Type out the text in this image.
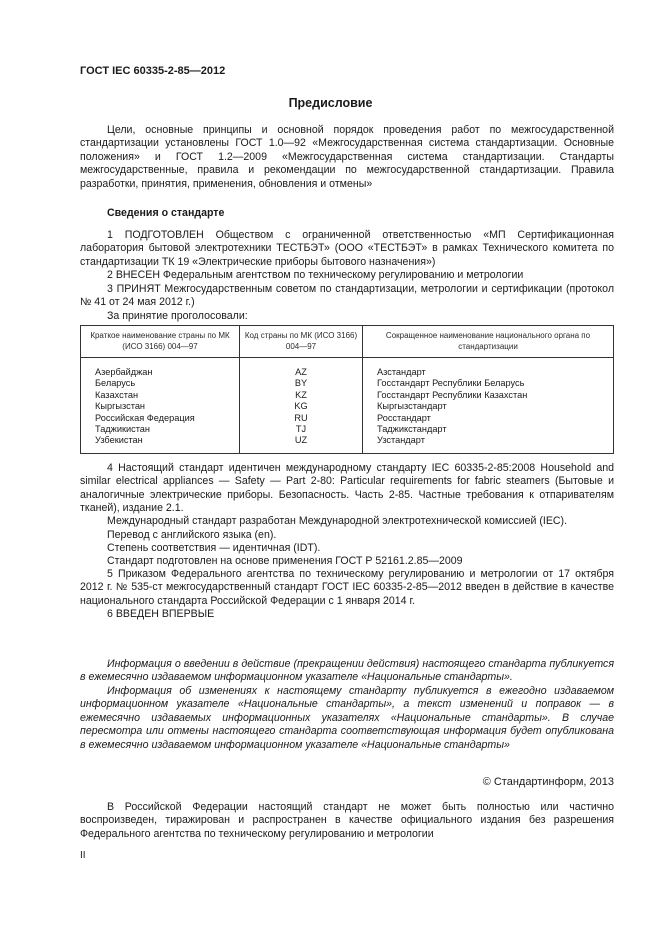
ГОСТ IEC 60335-2-85—2012
Предисловие
Цели, основные принципы и основной порядок проведения работ по межгосударственной стандартизации установлены ГОСТ 1.0—92 «Межгосударственная система стандартизации. Основные положения» и ГОСТ 1.2—2009 «Межгосударственная система стандартизации. Стандарты межгосударственные, правила и рекомендации по межгосударственной стандартизации. Правила разработки, принятия, применения, обновления и отмены»
Сведения о стандарте
1 ПОДГОТОВЛЕН Обществом с ограниченной ответственностью «МП Сертификационная лаборатория бытовой электротехники ТЕСТБЭТ» (ООО «ТЕСТБЭТ» в рамках Технического комитета по стандартизации ТК 19 «Электрические приборы бытового назначения»)
2 ВНЕСЕН Федеральным агентством по техническому регулированию и метрологии
3 ПРИНЯТ Межгосударственным советом по стандартизации, метрологии и сертификации (протокол № 41 от 24 мая 2012 г.)
За принятие проголосовали:
Краткое наименование страны по МК (ИСО 3166) 004—97	Код страны по МК (ИСО 3166) 004—97	Сокращенное наименование национального органа по стандартизации
Азербайджан	AZ	Азстандарт
Беларусь	BY	Госстандарт Республики Беларусь
Казахстан	KZ	Госстандарт Республики Казахстан
Кыргызстан	KG	Кыргызстандарт
Российская Федерация	RU	Росстандарт
Таджикистан	TJ	Таджикстандарт
Узбекистан	UZ	Узстандарт
4 Настоящий стандарт идентичен международному стандарту IEC 60335-2-85:2008 Household and similar electrical appliances — Safety — Part 2-80: Particular requirements for fabric steamers (Бытовые и аналогичные электрические приборы. Безопасность. Часть 2-85. Частные требования к отпаривателям тканей), издание 2.1.
Международный стандарт разработан Международной электротехнической комиссией (IEC).
Перевод с английского языка (en).
Степень соответствия — идентичная (IDT).
Стандарт подготовлен на основе применения ГОСТ Р 52161.2.85—2009
5 Приказом Федерального агентства по техническому регулированию и метрологии от 17 октября 2012 г. № 535-ст межгосударственный стандарт ГОСТ IEC 60335-2-85—2012 введен в действие в качестве национального стандарта Российской Федерации с 1 января 2014 г.
6 ВВЕДЕН ВПЕРВЫЕ
Информация о введении в действие (прекращении действия) настоящего стандарта публикуется в ежемесячно издаваемом информационном указателе «Национальные стандарты».
Информация об изменениях к настоящему стандарту публикуется в ежегодно издаваемом информационном указателе «Национальные стандарты», а текст изменений и поправок — в ежемесячно издаваемых информационных указателях «Национальные стандарты». В случае пересмотра или отмены настоящего стандарта соответствующая информация будет опубликована в ежемесячно издаваемом информационном указателе «Национальные стандарты»
© Стандартинформ, 2013
В Российской Федерации настоящий стандарт не может быть полностью или частично воспроизведен, тиражирован и распространен в качестве официального издания без разрешения Федерального агентства по техническому регулированию и метрологии
II
